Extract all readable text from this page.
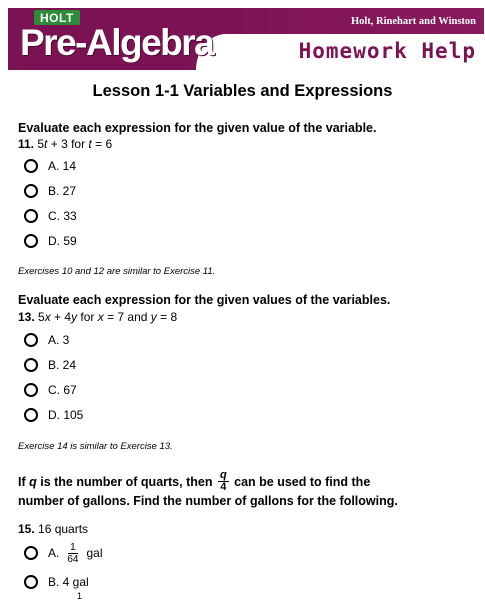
HOLT
Pre-Algebra
Holt, Rinehart and Winston
Homework Help
Lesson 1-1 Variables and Expressions
Evaluate each expression for the given value of the variable.
11. 5t + 3 for t = 6
A. 14
B. 27
C. 33
D. 59
Exercises 10 and 12 are similar to Exercise 11.
Evaluate each expression for the given values of the variables.
13. 5x + 4y for x = 7 and y = 8
A. 3
B. 24
C. 67
D. 105
Exercise 14 is similar to Exercise 13.
If q is the number of quarts, then $\frac{q}{4}$ can be used to find the
number of gallons. Find the number of gallons for the following.
15. 16 quarts
A. $\frac{1}{64}$ gal
B. 4 gal
1
